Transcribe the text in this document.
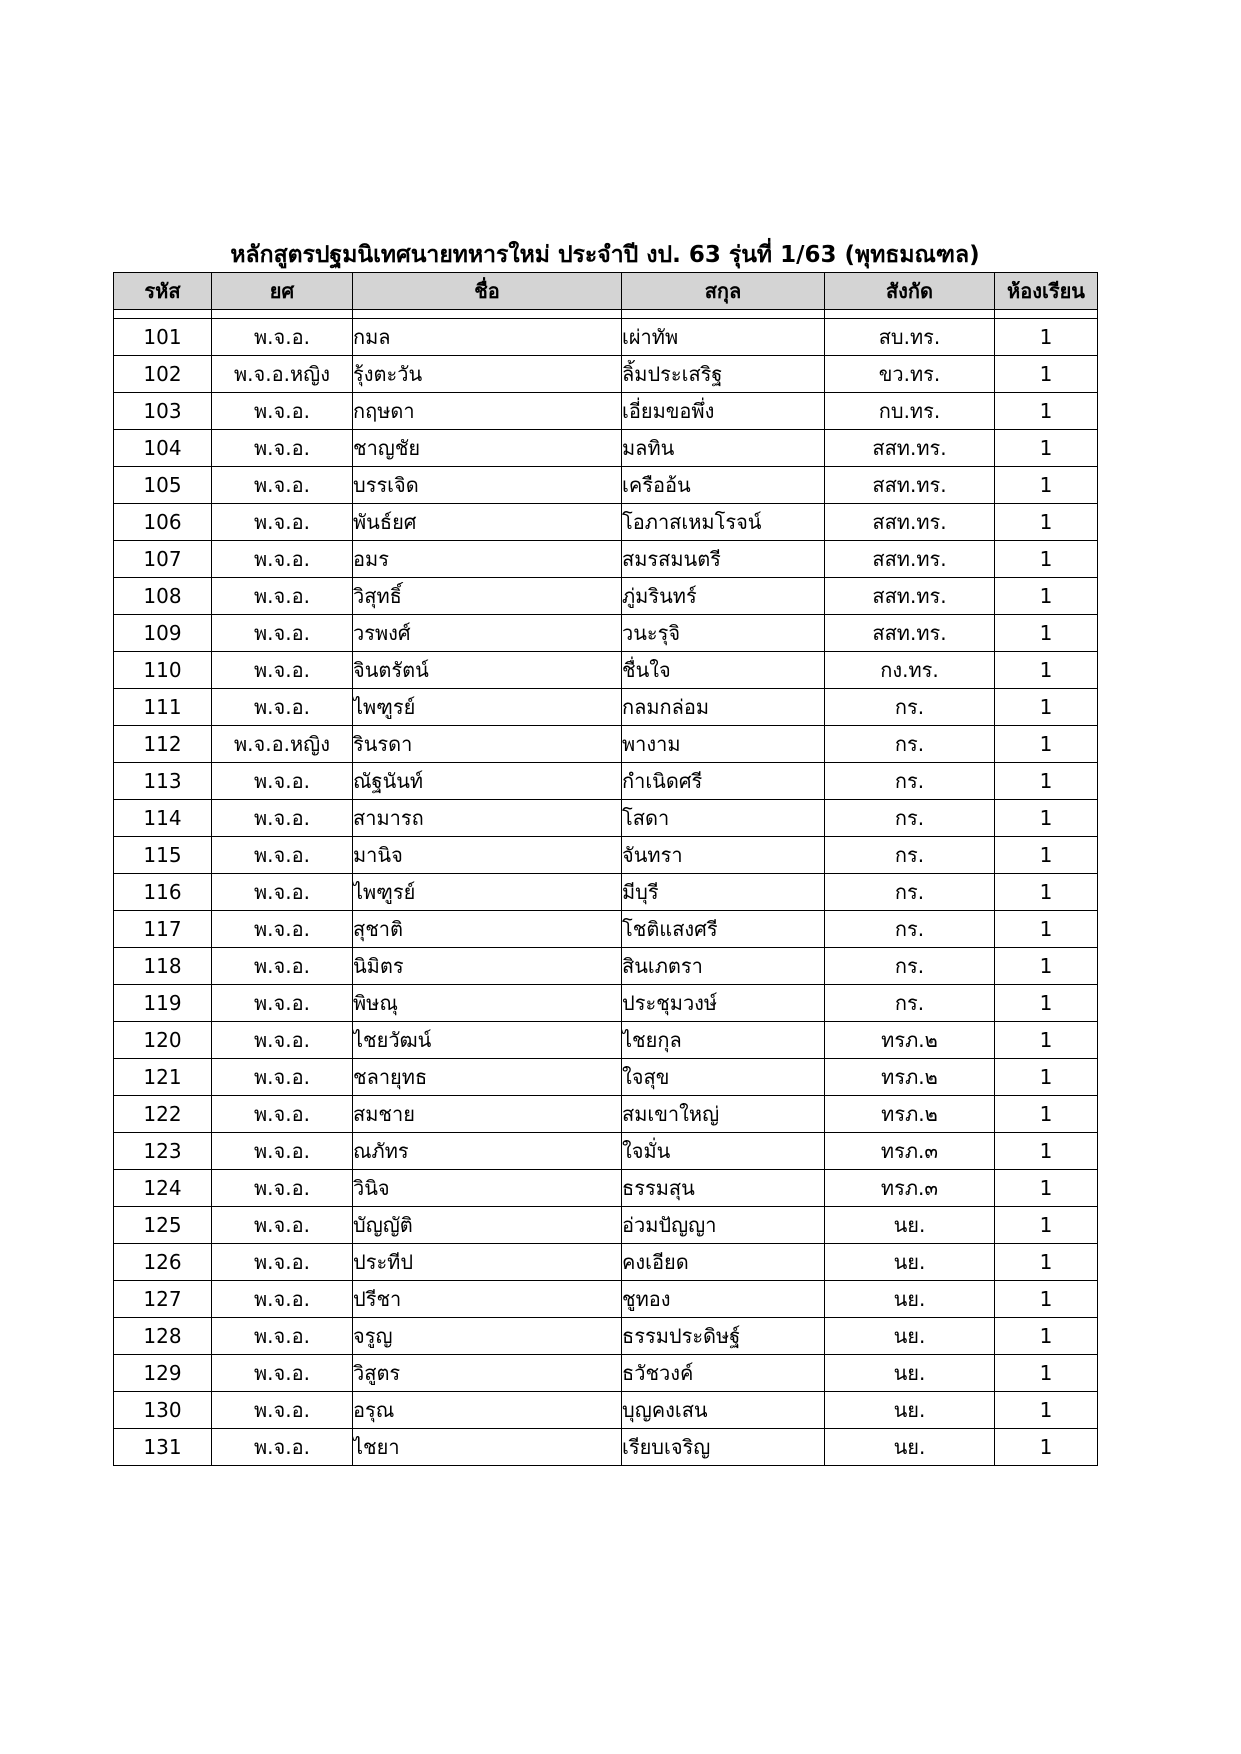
หลักสูตรปฐมนิเทศนายทหารใหม่ ประจำปี งป. 63 รุ่นที่ 1/63 (พุทธมณฑล)
รหัส	ยศ	ชื่อ	สกุล	สังกัด	ห้องเรียน

101	พ.จ.อ.	กมล	เผ่าทัพ	สบ.ทร.	1
102	พ.จ.อ.หญิง	รุ้งตะวัน	ลิ้มประเสริฐ	ขว.ทร.	1
103	พ.จ.อ.	กฤษดา	เอี่ยมขอพึ่ง	กบ.ทร.	1
104	พ.จ.อ.	ชาญชัย	มลทิน	สสท.ทร.	1
105	พ.จ.อ.	บรรเจิด	เครืออ้น	สสท.ทร.	1
106	พ.จ.อ.	พันธ์ยศ	โอภาสเหมโรจน์	สสท.ทร.	1
107	พ.จ.อ.	อมร	สมรสมนตรี	สสท.ทร.	1
108	พ.จ.อ.	วิสุทธิ์	ภู่มรินทร์	สสท.ทร.	1
109	พ.จ.อ.	วรพงศ์	วนะรุจิ	สสท.ทร.	1
110	พ.จ.อ.	จินตรัตน์	ชื่นใจ	กง.ทร.	1
111	พ.จ.อ.	ไพฑูรย์	กลมกล่อม	กร.	1
112	พ.จ.อ.หญิง	รินรดา	พางาม	กร.	1
113	พ.จ.อ.	ณัฐนันท์	กำเนิดศรี	กร.	1
114	พ.จ.อ.	สามารถ	โสดา	กร.	1
115	พ.จ.อ.	มานิจ	จันทรา	กร.	1
116	พ.จ.อ.	ไพฑูรย์	มีบุรี	กร.	1
117	พ.จ.อ.	สุชาติ	โชติแสงศรี	กร.	1
118	พ.จ.อ.	นิมิตร	สินเภตรา	กร.	1
119	พ.จ.อ.	พิษณุ	ประชุมวงษ์	กร.	1
120	พ.จ.อ.	ไชยวัฒน์	ไชยกุล	ทรภ.๒	1
121	พ.จ.อ.	ชลายุทธ	ใจสุข	ทรภ.๒	1
122	พ.จ.อ.	สมชาย	สมเขาใหญ่	ทรภ.๒	1
123	พ.จ.อ.	ณภัทร	ใจมั่น	ทรภ.๓	1
124	พ.จ.อ.	วินิจ	ธรรมสุน	ทรภ.๓	1
125	พ.จ.อ.	บัญญัติ	อ่วมปัญญา	นย.	1
126	พ.จ.อ.	ประทีป	คงเอียด	นย.	1
127	พ.จ.อ.	ปรีชา	ชูทอง	นย.	1
128	พ.จ.อ.	จรูญ	ธรรมประดิษฐ์	นย.	1
129	พ.จ.อ.	วิสูตร	ธวัชวงค์	นย.	1
130	พ.จ.อ.	อรุณ	บุญคงเสน	นย.	1
131	พ.จ.อ.	ไชยา	เรียบเจริญ	นย.	1
